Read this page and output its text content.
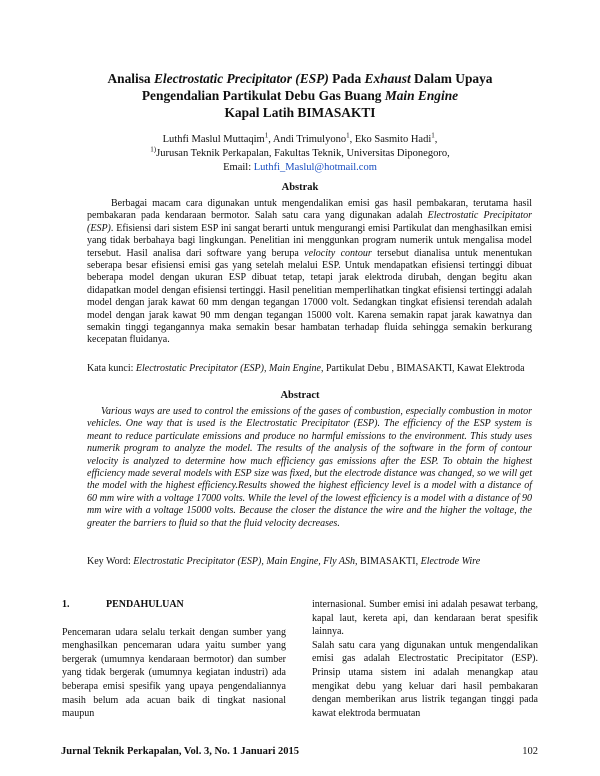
Analisa Electrostatic Precipitator (ESP) Pada Exhaust Dalam Upaya
Pengendalian Partikulat Debu Gas Buang Main Engine
Kapal Latih BIMASAKTI
Luthfi Maslul Muttaqim$^1$, Andi Trimulyono$^1$, Eko Sasmito Hadi$^1$,
$^{1)}$Jurusan Teknik Perkapalan, Fakultas Teknik, Universitas Diponegoro,
Email: Luthfi_Maslul@hotmail.com
Abstrak

Berbagai macam cara digunakan untuk mengendalikan emisi gas hasil pembakaran, terutama hasil pembakaran pada kendaraan bermotor. Salah satu cara yang digunakan adalah Electrostatic Precipitator (ESP). Efisiensi dari sistem ESP ini sangat berarti untuk mengurangi emisi Partikulat dan menghasilkan emisi yang tidak berbahaya bagi lingkungan. Penelitian ini menggunkan program numerik untuk mengalisa model tersebut. Hasil analisa dari software yang berupa velocity contour tersebut dianalisa untuk menentukan seberapa besar efisiensi emisi gas yang setelah melalui ESP. Untuk mendapatkan efisiensi tertinggi dibuat beberapa model dengan ukuran ESP dibuat tetap, tetapi jarak elektroda dirubah, dengan begitu akan didapatkan model dengan efisiensi tertinggi. Hasil penelitian memperlihatkan tingkat efisiensi tertinggi adalah model dengan jarak kawat 60 mm dengan tegangan 17000 volt. Sedangkan tingkat efisiensi terendah adalah model dengan jarak kawat 90 mm dengan tegangan 15000 volt. Karena semakin rapat jarak kawatnya dan semakin tinggi tegangannya maka semakin besar hambatan terhadap fluida sehingga semakin berkurang kecepatan fluidanya.

Kata kunci: Electrostatic Precipitator (ESP), Main Engine, Partikulat Debu , BIMASAKTI, Kawat Elektroda

Abstract

Various ways are used to control the emissions of the gases of combustion, especially combustion in motor vehicles. One way that is used is the Electrostatic Precipitator (ESP). The efficiency of the ESP system is meant to reduce particulate emissions and produce no harmful emissions to the environment. This study uses numerik program to analyze the model. The results of the analysis of the software in the form of contour velocity is analyzed to determine how much efficiency gas emissions after the ESP. To obtain the highest efficiency made several models with ESP size was fixed, but the electrode distance was changed, so we will get the model with the highest efficiency.Results showed the highest efficiency level is a model with a distance of 60 mm wire with a voltage 17000 volts. While the level of the lowest efficiency is a model with a distance of 90 mm wire with a voltage 15000 volts. Because the closer the distance the wire and the higher the voltage, the greater the barriers to fluid so that the fluid velocity decreases.

Key Word: Electrostatic Precipitator (ESP), Main Engine, Fly ASh, BIMASAKTI, Electrode Wire

1.	PENDAHULUAN

Pencemaran udara selalu terkait dengan sumber yang menghasilkan pencemaran udara yaitu sumber yang bergerak (umumnya kendaraan bermotor) dan sumber yang tidak bergerak (umumnya kegiatan industri) ada beberapa emisi spesifik yang upaya pengendaliannya masih belum ada acuan baik di tingkat nasional maupun

internasional. Sumber emisi ini adalah pesawat terbang, kapal laut, kereta api, dan kendaraan berat spesifik lainnya.

Salah satu cara yang digunakan untuk mengendalikan emisi gas adalah Electrostatic Precipitator (ESP). Prinsip utama sistem ini adalah menangkap atau mengikat debu yang keluar dari hasil pembakaran dengan memberikan arus listrik tegangan tinggi pada kawat elektroda bermuatan

Jurnal Teknik Perkapalan, Vol. 3, No. 1 Januari 2015	102
